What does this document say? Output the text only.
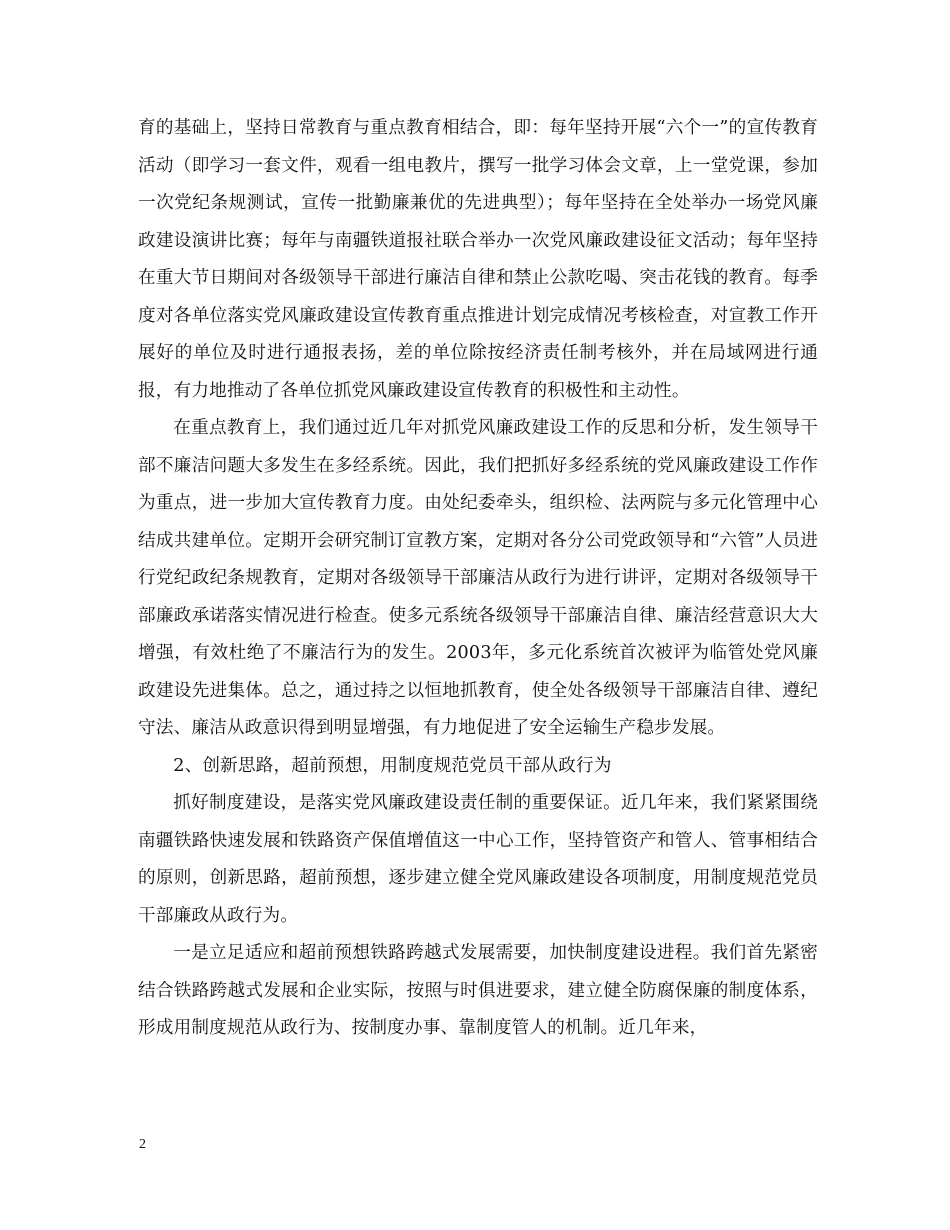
育的基础上，坚持日常教育与重点教育相结合，即：每年坚持开展“六个一”的宣传教育活动（即学习一套文件，观看一组电教片，撰写一批学习体会文章，上一堂党课，参加一次党纪条规测试，宣传一批勤廉兼优的先进典型）；每年坚持在全处举办一场党风廉政建设演讲比赛；每年与南疆铁道报社联合举办一次党风廉政建设征文活动；每年坚持在重大节日期间对各级领导干部进行廉洁自律和禁止公款吃喝、突击花钱的教育。每季度对各单位落实党风廉政建设宣传教育重点推进计划完成情况考核检查，对宣教工作开展好的单位及时进行通报表扬，差的单位除按经济责任制考核外，并在局域网进行通报，有力地推动了各单位抓党风廉政建设宣传教育的积极性和主动性。

在重点教育上，我们通过近几年对抓党风廉政建设工作的反思和分析，发生领导干部不廉洁问题大多发生在多经系统。因此，我们把抓好多经系统的党风廉政建设工作作为重点，进一步加大宣传教育力度。由处纪委牵头，组织检、法两院与多元化管理中心结成共建单位。定期开会研究制订宣教方案，定期对各分公司党政领导和“六管”人员进行党纪政纪条规教育，定期对各级领导干部廉洁从政行为进行讲评，定期对各级领导干部廉政承诺落实情况进行检查。使多元系统各级领导干部廉洁自律、廉洁经营意识大大增强，有效杜绝了不廉洁行为的发生。2003年，多元化系统首次被评为临管处党风廉政建设先进集体。总之，通过持之以恒地抓教育，使全处各级领导干部廉洁自律、遵纪守法、廉洁从政意识得到明显增强，有力地促进了安全运输生产稳步发展。

2、创新思路，超前预想，用制度规范党员干部从政行为

抓好制度建设，是落实党风廉政建设责任制的重要保证。近几年来，我们紧紧围绕南疆铁路快速发展和铁路资产保值增值这一中心工作，坚持管资产和管人、管事相结合的原则，创新思路，超前预想，逐步建立健全党风廉政建设各项制度，用制度规范党员干部廉政从政行为。

一是立足适应和超前预想铁路跨越式发展需要，加快制度建设进程。我们首先紧密结合铁路跨越式发展和企业实际，按照与时俱进要求，建立健全防腐保廉的制度体系，形成用制度规范从政行为、按制度办事、靠制度管人的机制。近几年来，

2
